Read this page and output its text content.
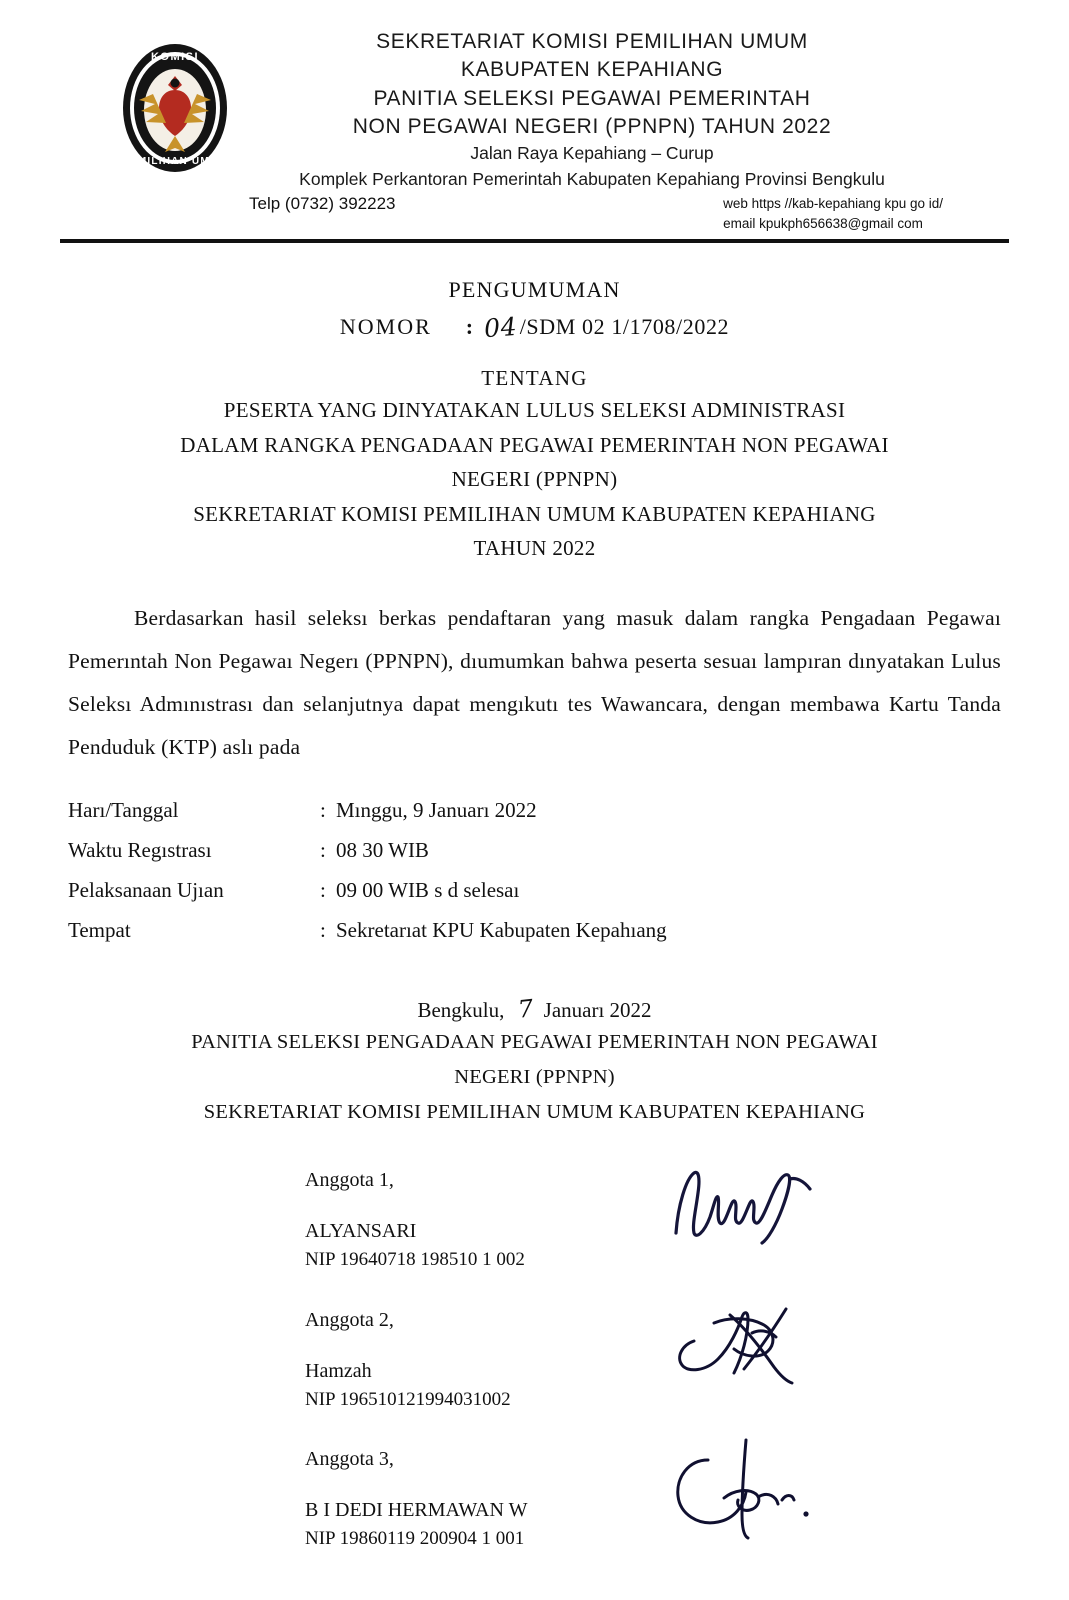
KOMISI
PEMILIHAN UMUM
SEKRETARIAT KOMISI PEMILIHAN UMUM
KABUPATEN KEPAHIANG
PANITIA SELEKSI PEGAWAI PEMERINTAH
NON PEGAWAI NEGERI (PPNPN) TAHUN 2022
Jalan Raya Kepahiang – Curup
Komplek Perkantoran Pemerintah Kabupaten Kepahiang Provinsi Bengkulu
Telp (0732) 392223	web https //kab-kepahiang kpu go id/
email kpukph656638@gmail com
PENGUMUMAN
NOMOR : 04 /SDM 02 1/1708/2022
TENTANG
PESERTA YANG DINYATAKAN LULUS SELEKSI ADMINISTRASI
DALAM RANGKA PENGADAAN PEGAWAI PEMERINTAH NON PEGAWAI
NEGERI (PPNPN)
SEKRETARIAT KOMISI PEMILIHAN UMUM KABUPATEN KEPAHIANG
TAHUN 2022
Berdasarkan hasil seleksı berkas pendaftaran yang masuk dalam rangka Pengadaan Pegawaı Pemerıntah Non Pegawaı Negerı (PPNPN), dıumumkan bahwa peserta sesuaı lampıran dınyatakan Lulus Seleksı Admınıstrası dan selanjutnya dapat mengıkutı tes Wawancara, dengan membawa Kartu Tanda Penduduk (KTP) aslı pada
Harı/Tanggal	: Mınggu, 9 Januarı 2022
Waktu Regıstrası	: 08 30 WIB
Pelaksanaan Ujıan	: 09 00 WIB s d selesaı
Tempat	: Sekretarıat KPU Kabupaten Kepahıang
Bengkulu, 7 Januarı 2022
PANITIA SELEKSI PENGADAAN PEGAWAI PEMERINTAH NON PEGAWAI
NEGERI (PPNPN)
SEKRETARIAT KOMISI PEMILIHAN UMUM KABUPATEN KEPAHIANG
Anggota 1,
ALYANSARI
NIP 19640718 198510 1 002
Anggota 2,
Hamzah
NIP 196510121994031002
Anggota 3,
B I DEDI HERMAWAN W
NIP 19860119 200904 1 001
